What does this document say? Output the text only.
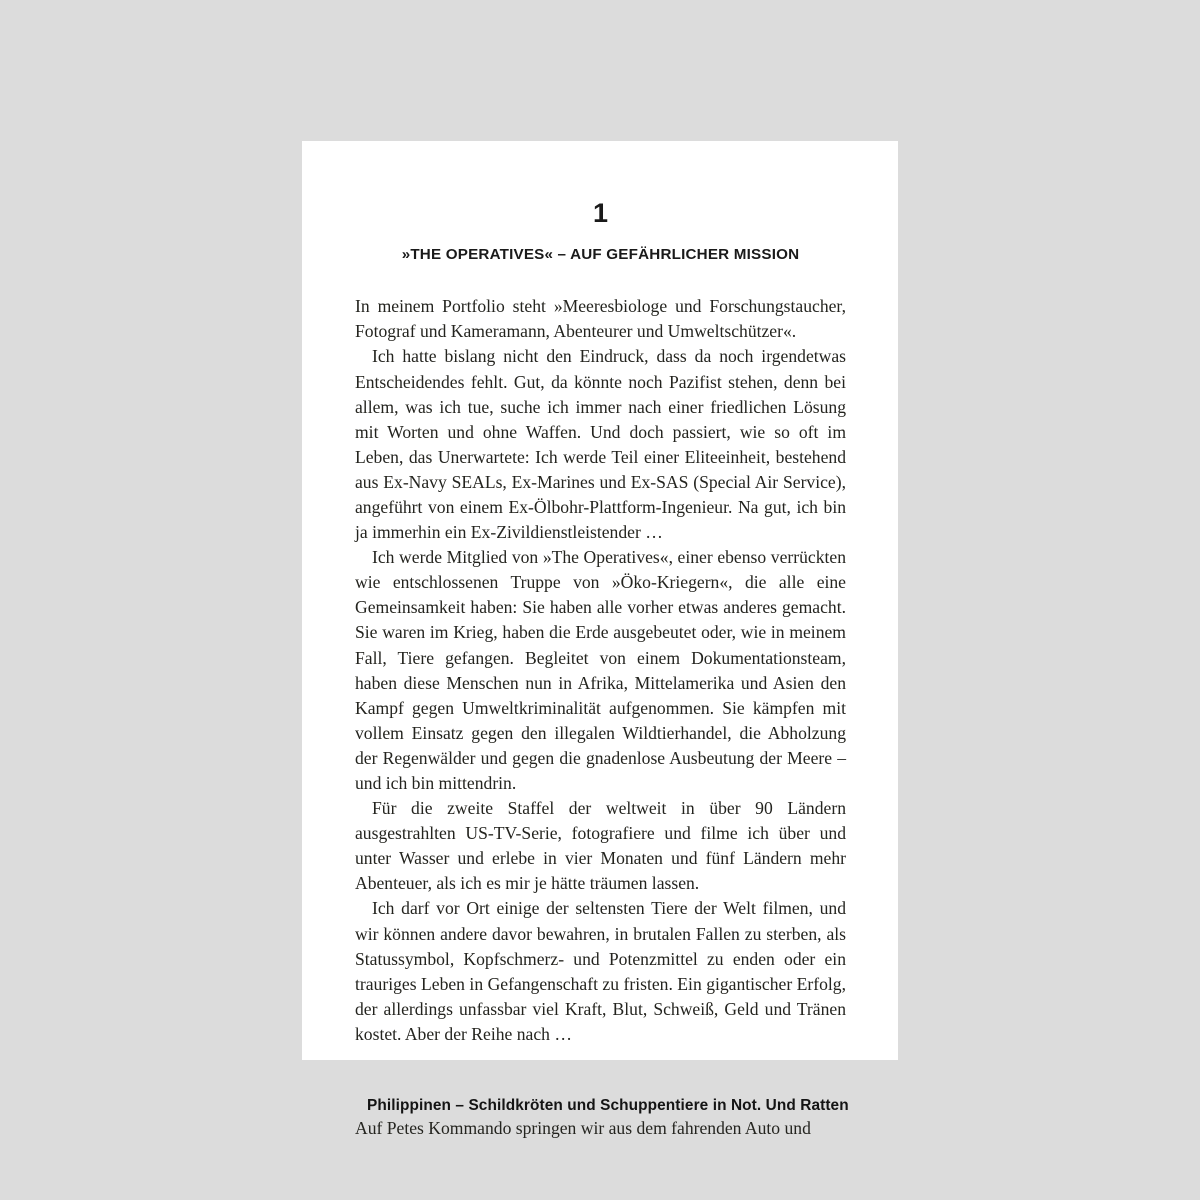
1
»THE OPERATIVES« – AUF GEFÄHRLICHER MISSION

In meinem Portfolio steht »Meeresbiologe und Forschungstaucher, Fotograf und Kameramann, Abenteurer und Umweltschützer«.

Ich hatte bislang nicht den Eindruck, dass da noch irgendetwas Entscheidendes fehlt. Gut, da könnte noch Pazifist stehen, denn bei allem, was ich tue, suche ich immer nach einer friedlichen Lösung mit Worten und ohne Waffen. Und doch passiert, wie so oft im Leben, das Unerwartete: Ich werde Teil einer Eliteeinheit, bestehend aus Ex-Navy SEALs, Ex-Marines und Ex-SAS (Special Air Service), angeführt von einem Ex-Ölbohr-Plattform-Ingenieur. Na gut, ich bin ja immerhin ein Ex-Zivildienstleistender …

Ich werde Mitglied von »The Operatives«, einer ebenso verrückten wie entschlossenen Truppe von »Öko-Kriegern«, die alle eine Gemeinsamkeit haben: Sie haben alle vorher etwas anderes gemacht. Sie waren im Krieg, haben die Erde ausgebeutet oder, wie in meinem Fall, Tiere gefangen. Begleitet von einem Dokumentationsteam, haben diese Menschen nun in Afrika, Mittelamerika und Asien den Kampf gegen Umweltkriminalität aufgenommen. Sie kämpfen mit vollem Einsatz gegen den illegalen Wildtierhandel, die Abholzung der Regenwälder und gegen die gnadenlose Ausbeutung der Meere – und ich bin mittendrin.

Für die zweite Staffel der weltweit in über 90 Ländern ausgestrahlten US-TV-Serie, fotografiere und filme ich über und unter Wasser und erlebe in vier Monaten und fünf Ländern mehr Abenteuer, als ich es mir je hätte träumen lassen.

Ich darf vor Ort einige der seltensten Tiere der Welt filmen, und wir können andere davor bewahren, in brutalen Fallen zu sterben, als Statussymbol, Kopfschmerz- und Potenzmittel zu enden oder ein trauriges Leben in Gefangenschaft zu fristen. Ein gigantischer Erfolg, der allerdings unfassbar viel Kraft, Blut, Schweiß, Geld und Tränen kostet. Aber der Reihe nach …

Philippinen – Schildkröten und Schuppentiere in Not. Und Ratten

Auf Petes Kommando springen wir aus dem fahrenden Auto und
